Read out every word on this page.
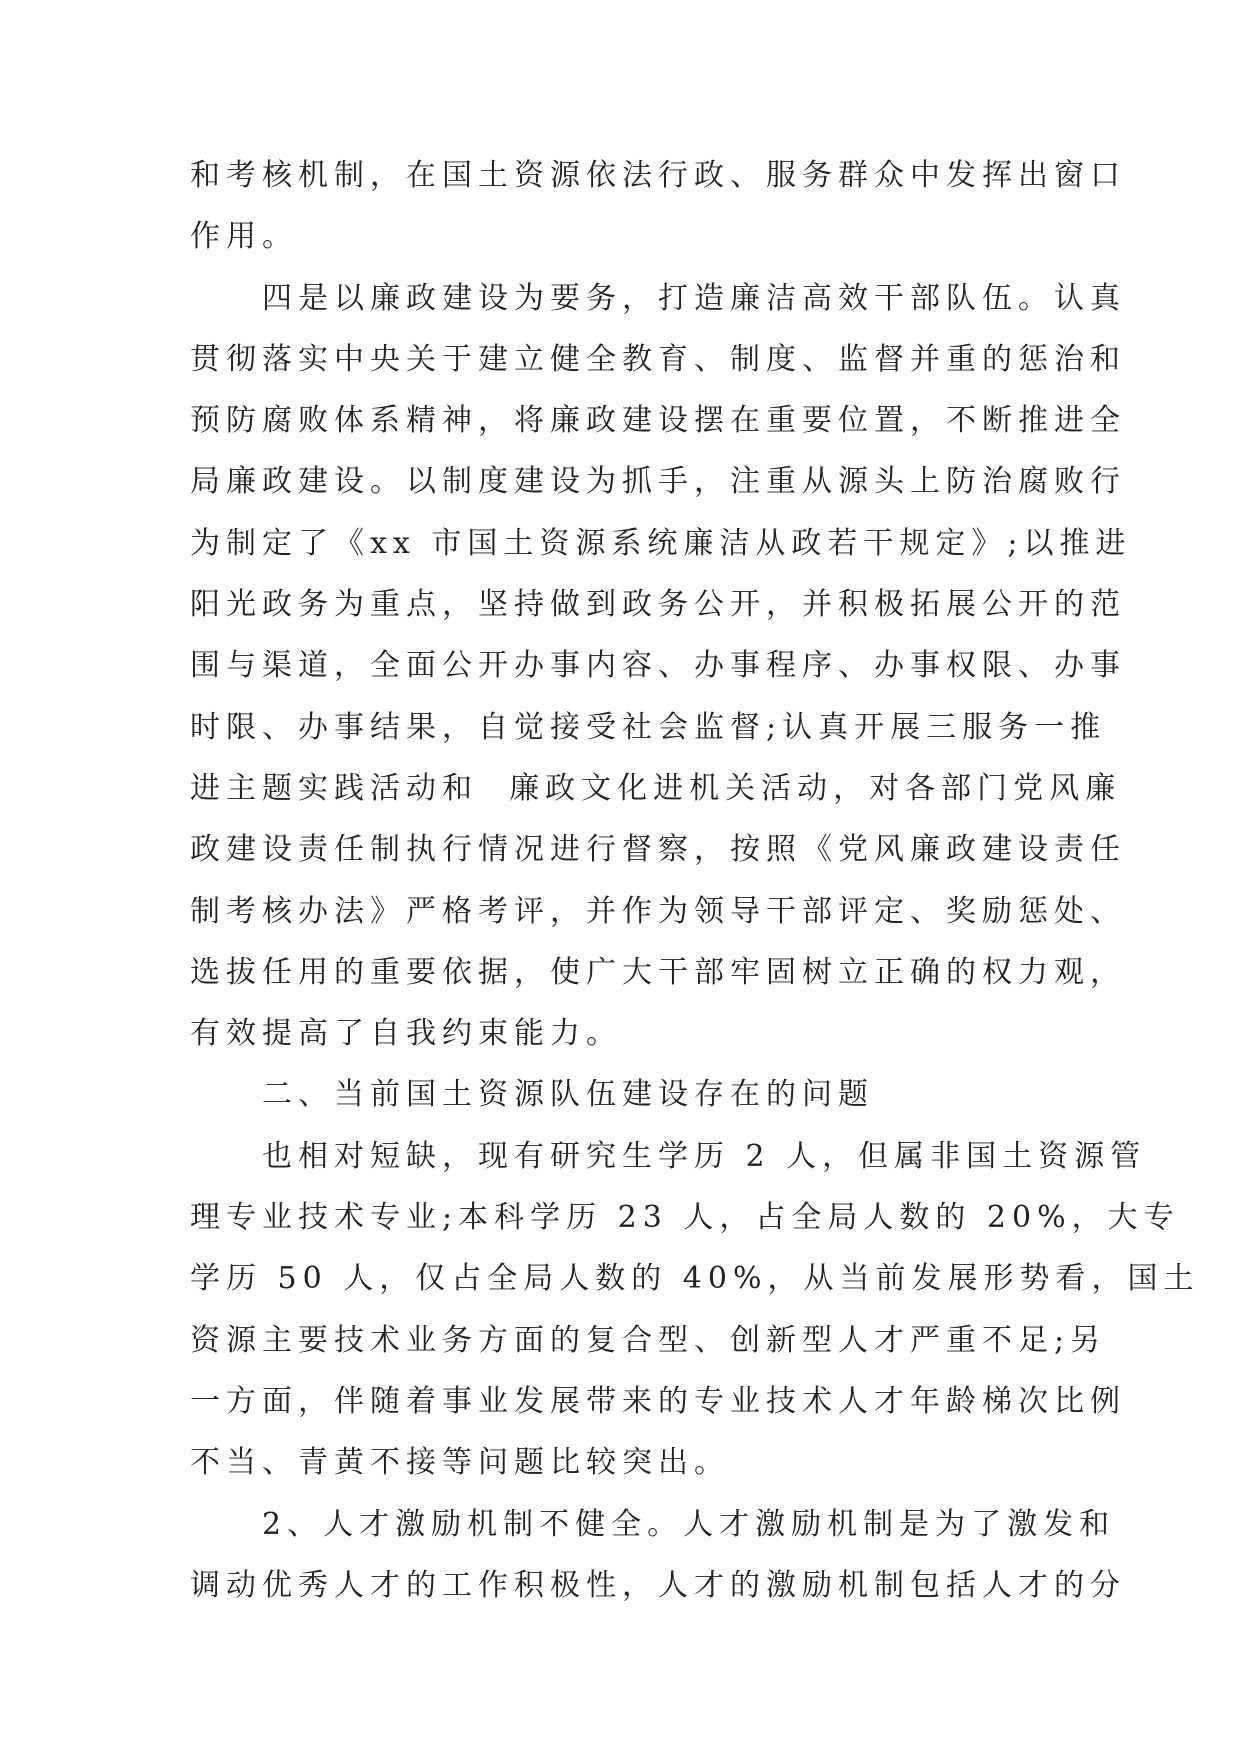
和考核机制，在国土资源依法行政、服务群众中发挥出窗口
作用。
四是以廉政建设为要务，打造廉洁高效干部队伍。认真
贯彻落实中央关于建立健全教育、制度、监督并重的惩治和
预防腐败体系精神，将廉政建设摆在重要位置，不断推进全
局廉政建设。以制度建设为抓手，注重从源头上防治腐败行
为制定了《xx 市国土资源系统廉洁从政若干规定》;以推进
阳光政务为重点，坚持做到政务公开，并积极拓展公开的范
围与渠道，全面公开办事内容、办事程序、办事权限、办事
时限、办事结果，自觉接受社会监督;认真开展三服务一推
进主题实践活动和  廉政文化进机关活动，对各部门党风廉
政建设责任制执行情况进行督察，按照《党风廉政建设责任
制考核办法》严格考评，并作为领导干部评定、奖励惩处、
选拔任用的重要依据，使广大干部牢固树立正确的权力观，
有效提高了自我约束能力。
二、当前国土资源队伍建设存在的问题
也相对短缺，现有研究生学历 2 人，但属非国土资源管
理专业技术专业;本科学历 23 人，占全局人数的 20%，大专
学历 50 人，仅占全局人数的 40%，从当前发展形势看，国土
资源主要技术业务方面的复合型、创新型人才严重不足;另
一方面，伴随着事业发展带来的专业技术人才年龄梯次比例
不当、青黄不接等问题比较突出。
2、人才激励机制不健全。人才激励机制是为了激发和
调动优秀人才的工作积极性，人才的激励机制包括人才的分
